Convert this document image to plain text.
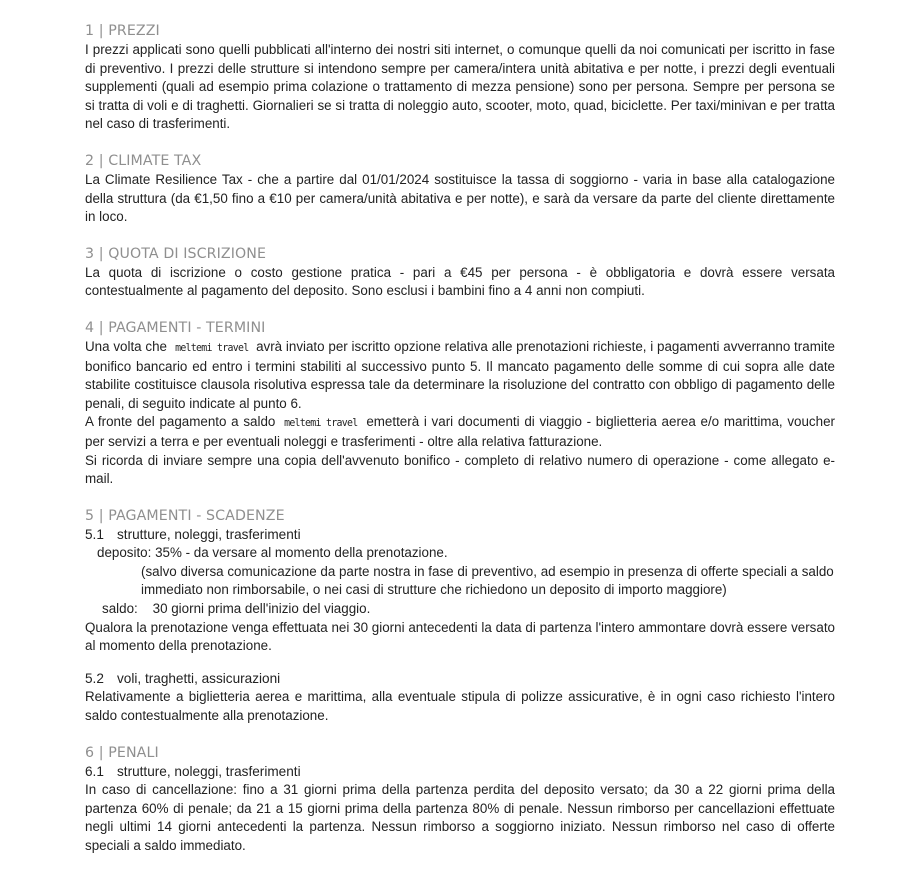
1 | PREZZI

I prezzi applicati sono quelli pubblicati all'interno dei nostri siti internet, o comunque quelli da noi comunicati per iscritto in fase di preventivo. I prezzi delle strutture si intendono sempre per camera/intera unità abitativa e per notte, i prezzi degli eventuali supplementi (quali ad esempio prima colazione o trattamento di mezza pensione) sono per persona. Sempre per persona se si tratta di voli e di traghetti. Giornalieri se si tratta di noleggio auto, scooter, moto, quad, biciclette. Per taxi/minivan e per tratta nel caso di trasferimenti.

2 | CLIMATE TAX

La Climate Resilience Tax - che a partire dal 01/01/2024 sostituisce la tassa di soggiorno - varia in base alla catalogazione della struttura (da €1,50 fino a €10 per camera/unità abitativa e per notte), e sarà da versare da parte del cliente direttamente in loco.

3 | QUOTA DI ISCRIZIONE

La quota di iscrizione o costo gestione pratica - pari a €45 per persona - è obbligatoria e dovrà essere versata contestualmente al pagamento del deposito. Sono esclusi i bambini fino a 4 anni non compiuti.

4 | PAGAMENTI - TERMINI

Una volta che meltemi travel avrà inviato per iscritto opzione relativa alle prenotazioni richieste, i pagamenti avverranno tramite bonifico bancario ed entro i termini stabiliti al successivo punto 5. Il mancato pagamento delle somme di cui sopra alle date stabilite costituisce clausola risolutiva espressa tale da determinare la risoluzione del contratto con obbligo di pagamento delle penali, di seguito indicate al punto 6.

A fronte del pagamento a saldo meltemi travel emetterà i vari documenti di viaggio - biglietteria aerea e/o marittima, voucher per servizi a terra e per eventuali noleggi e trasferimenti - oltre alla relativa fatturazione.

Si ricorda di inviare sempre una copia dell'avvenuto bonifico - completo di relativo numero di operazione - come allegato e-mail.

5 | PAGAMENTI - SCADENZE
5.1 strutture, noleggi, trasferimenti

deposito: 35% - da versare al momento della prenotazione.

(salvo diversa comunicazione da parte nostra in fase di preventivo, ad esempio in presenza di offerte speciali a saldo immediato non rimborsabile, o nei casi di strutture che richiedono un deposito di importo maggiore)

saldo: 30 giorni prima dell'inizio del viaggio.

Qualora la prenotazione venga effettuata nei 30 giorni antecedenti la data di partenza l'intero ammontare dovrà essere versato al momento della prenotazione.

5.2 voli, traghetti, assicurazioni

Relativamente a biglietteria aerea e marittima, alla eventuale stipula di polizze assicurative, è in ogni caso richiesto l'intero saldo contestualmente alla prenotazione.

6 | PENALI
6.1 strutture, noleggi, trasferimenti

In caso di cancellazione: fino a 31 giorni prima della partenza perdita del deposito versato; da 30 a 22 giorni prima della partenza 60% di penale; da 21 a 15 giorni prima della partenza 80% di penale. Nessun rimborso per cancellazioni effettuate negli ultimi 14 giorni antecedenti la partenza. Nessun rimborso a soggiorno iniziato. Nessun rimborso nel caso di offerte speciali a saldo immediato.
